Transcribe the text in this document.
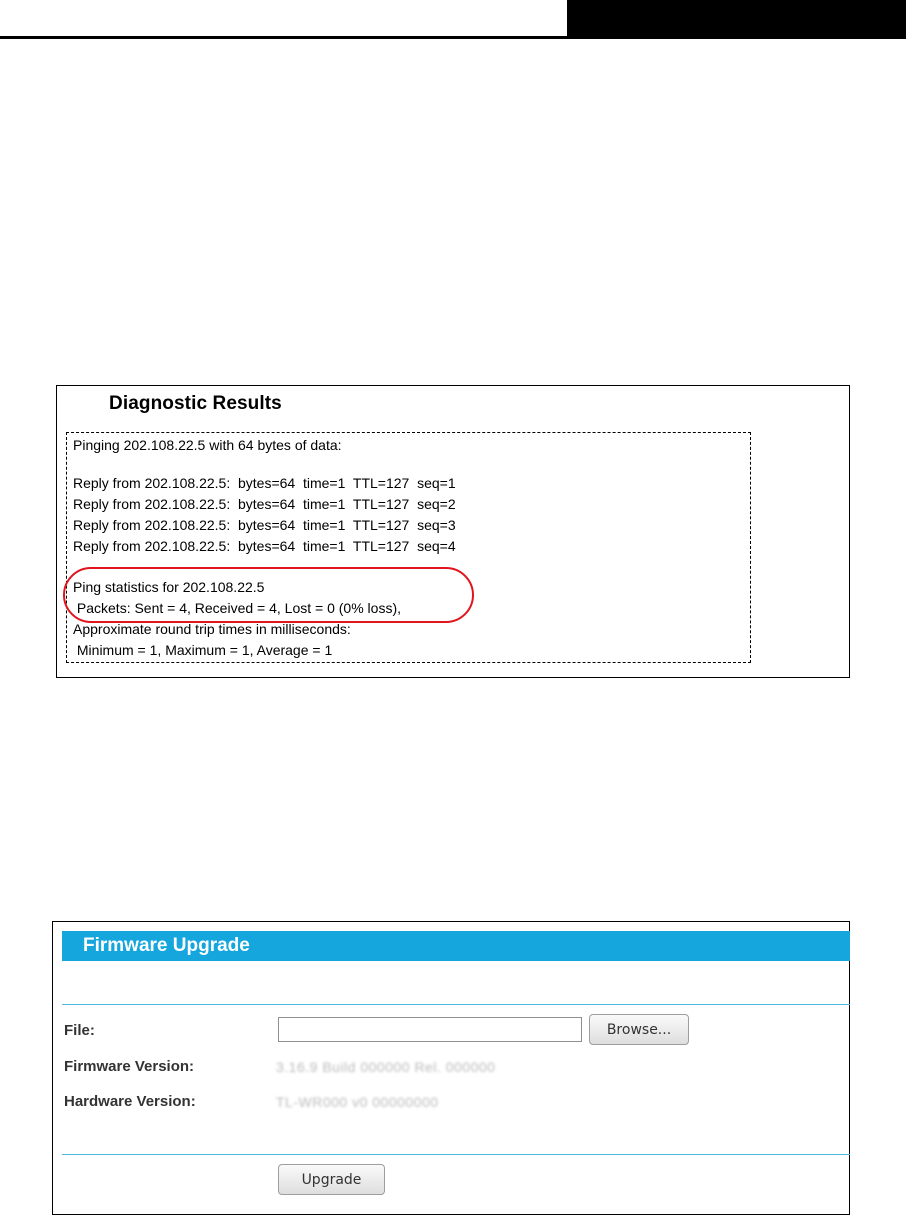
Diagnostic Results
Pinging 202.108.22.5 with 64 bytes of data:
Reply from 202.108.22.5:  bytes=64  time=1  TTL=127  seq=1
Reply from 202.108.22.5:  bytes=64  time=1  TTL=127  seq=2
Reply from 202.108.22.5:  bytes=64  time=1  TTL=127  seq=3
Reply from 202.108.22.5:  bytes=64  time=1  TTL=127  seq=4
Ping statistics for 202.108.22.5
Packets: Sent = 4, Received = 4, Lost = 0 (0% loss),
Approximate round trip times in milliseconds:
Minimum = 1, Maximum = 1, Average = 1
Firmware Upgrade
File:	Browse...
Firmware Version:	3.16.9 Build 000000 Rel. 000000
Hardware Version:	TL-WR000 v0 00000000
Upgrade
